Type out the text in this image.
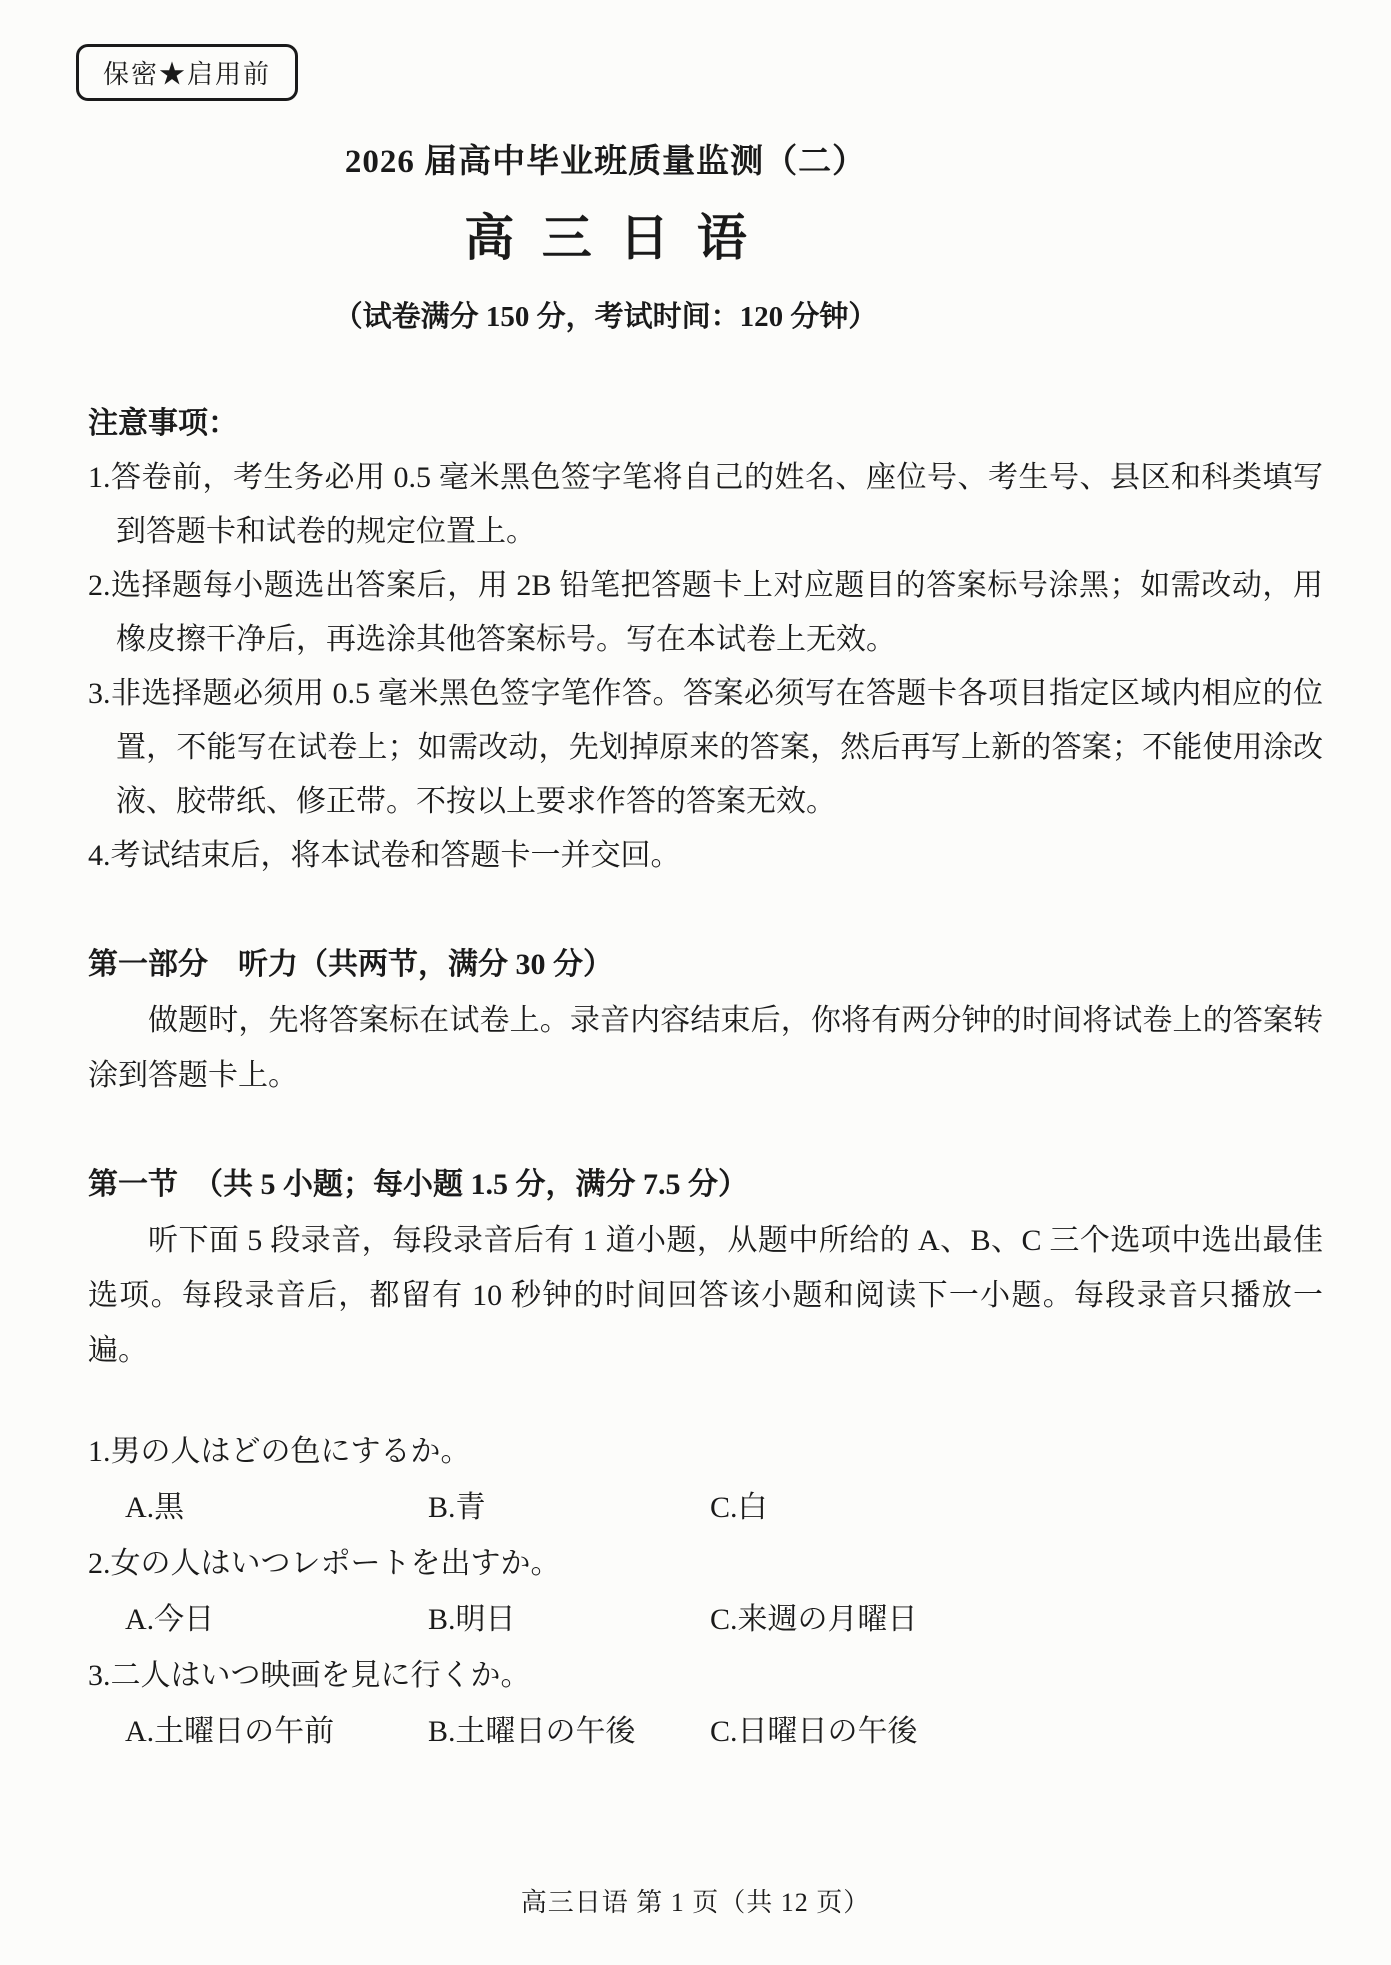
保密★启用前
2026 届高中毕业班质量监测（二）
高三日语
（试卷满分 150 分，考试时间：120 分钟）
注意事项：
1.答卷前，考生务必用 0.5 毫米黑色签字笔将自己的姓名、座位号、考生号、县区和科类填写到答题卡和试卷的规定位置上。
2.选择题每小题选出答案后，用 2B 铅笔把答题卡上对应题目的答案标号涂黑；如需改动，用橡皮擦干净后，再选涂其他答案标号。写在本试卷上无效。
3.非选择题必须用 0.5 毫米黑色签字笔作答。答案必须写在答题卡各项目指定区域内相应的位置，不能写在试卷上；如需改动，先划掉原来的答案，然后再写上新的答案；不能使用涂改液、胶带纸、修正带。不按以上要求作答的答案无效。
4.考试结束后，将本试卷和答题卡一并交回。
第一部分　听力（共两节，满分 30 分）
做题时，先将答案标在试卷上。录音内容结束后，你将有两分钟的时间将试卷上的答案转涂到答题卡上。
第一节　（共 5 小题；每小题 1.5 分，满分 7.5 分）
听下面 5 段录音，每段录音后有 1 道小题，从题中所给的 A、B、C 三个选项中选出最佳选项。每段录音后，都留有 10 秒钟的时间回答该小题和阅读下一小题。每段录音只播放一遍。
1.男の人はどの色にするか。
A.黒	B.青	C.白
2.女の人はいつレポートを出すか。
A.今日	B.明日	C.来週の月曜日
3.二人はいつ映画を見に行くか。
A.土曜日の午前	B.土曜日の午後	C.日曜日の午後
高三日语 第 1 页（共 12 页）
